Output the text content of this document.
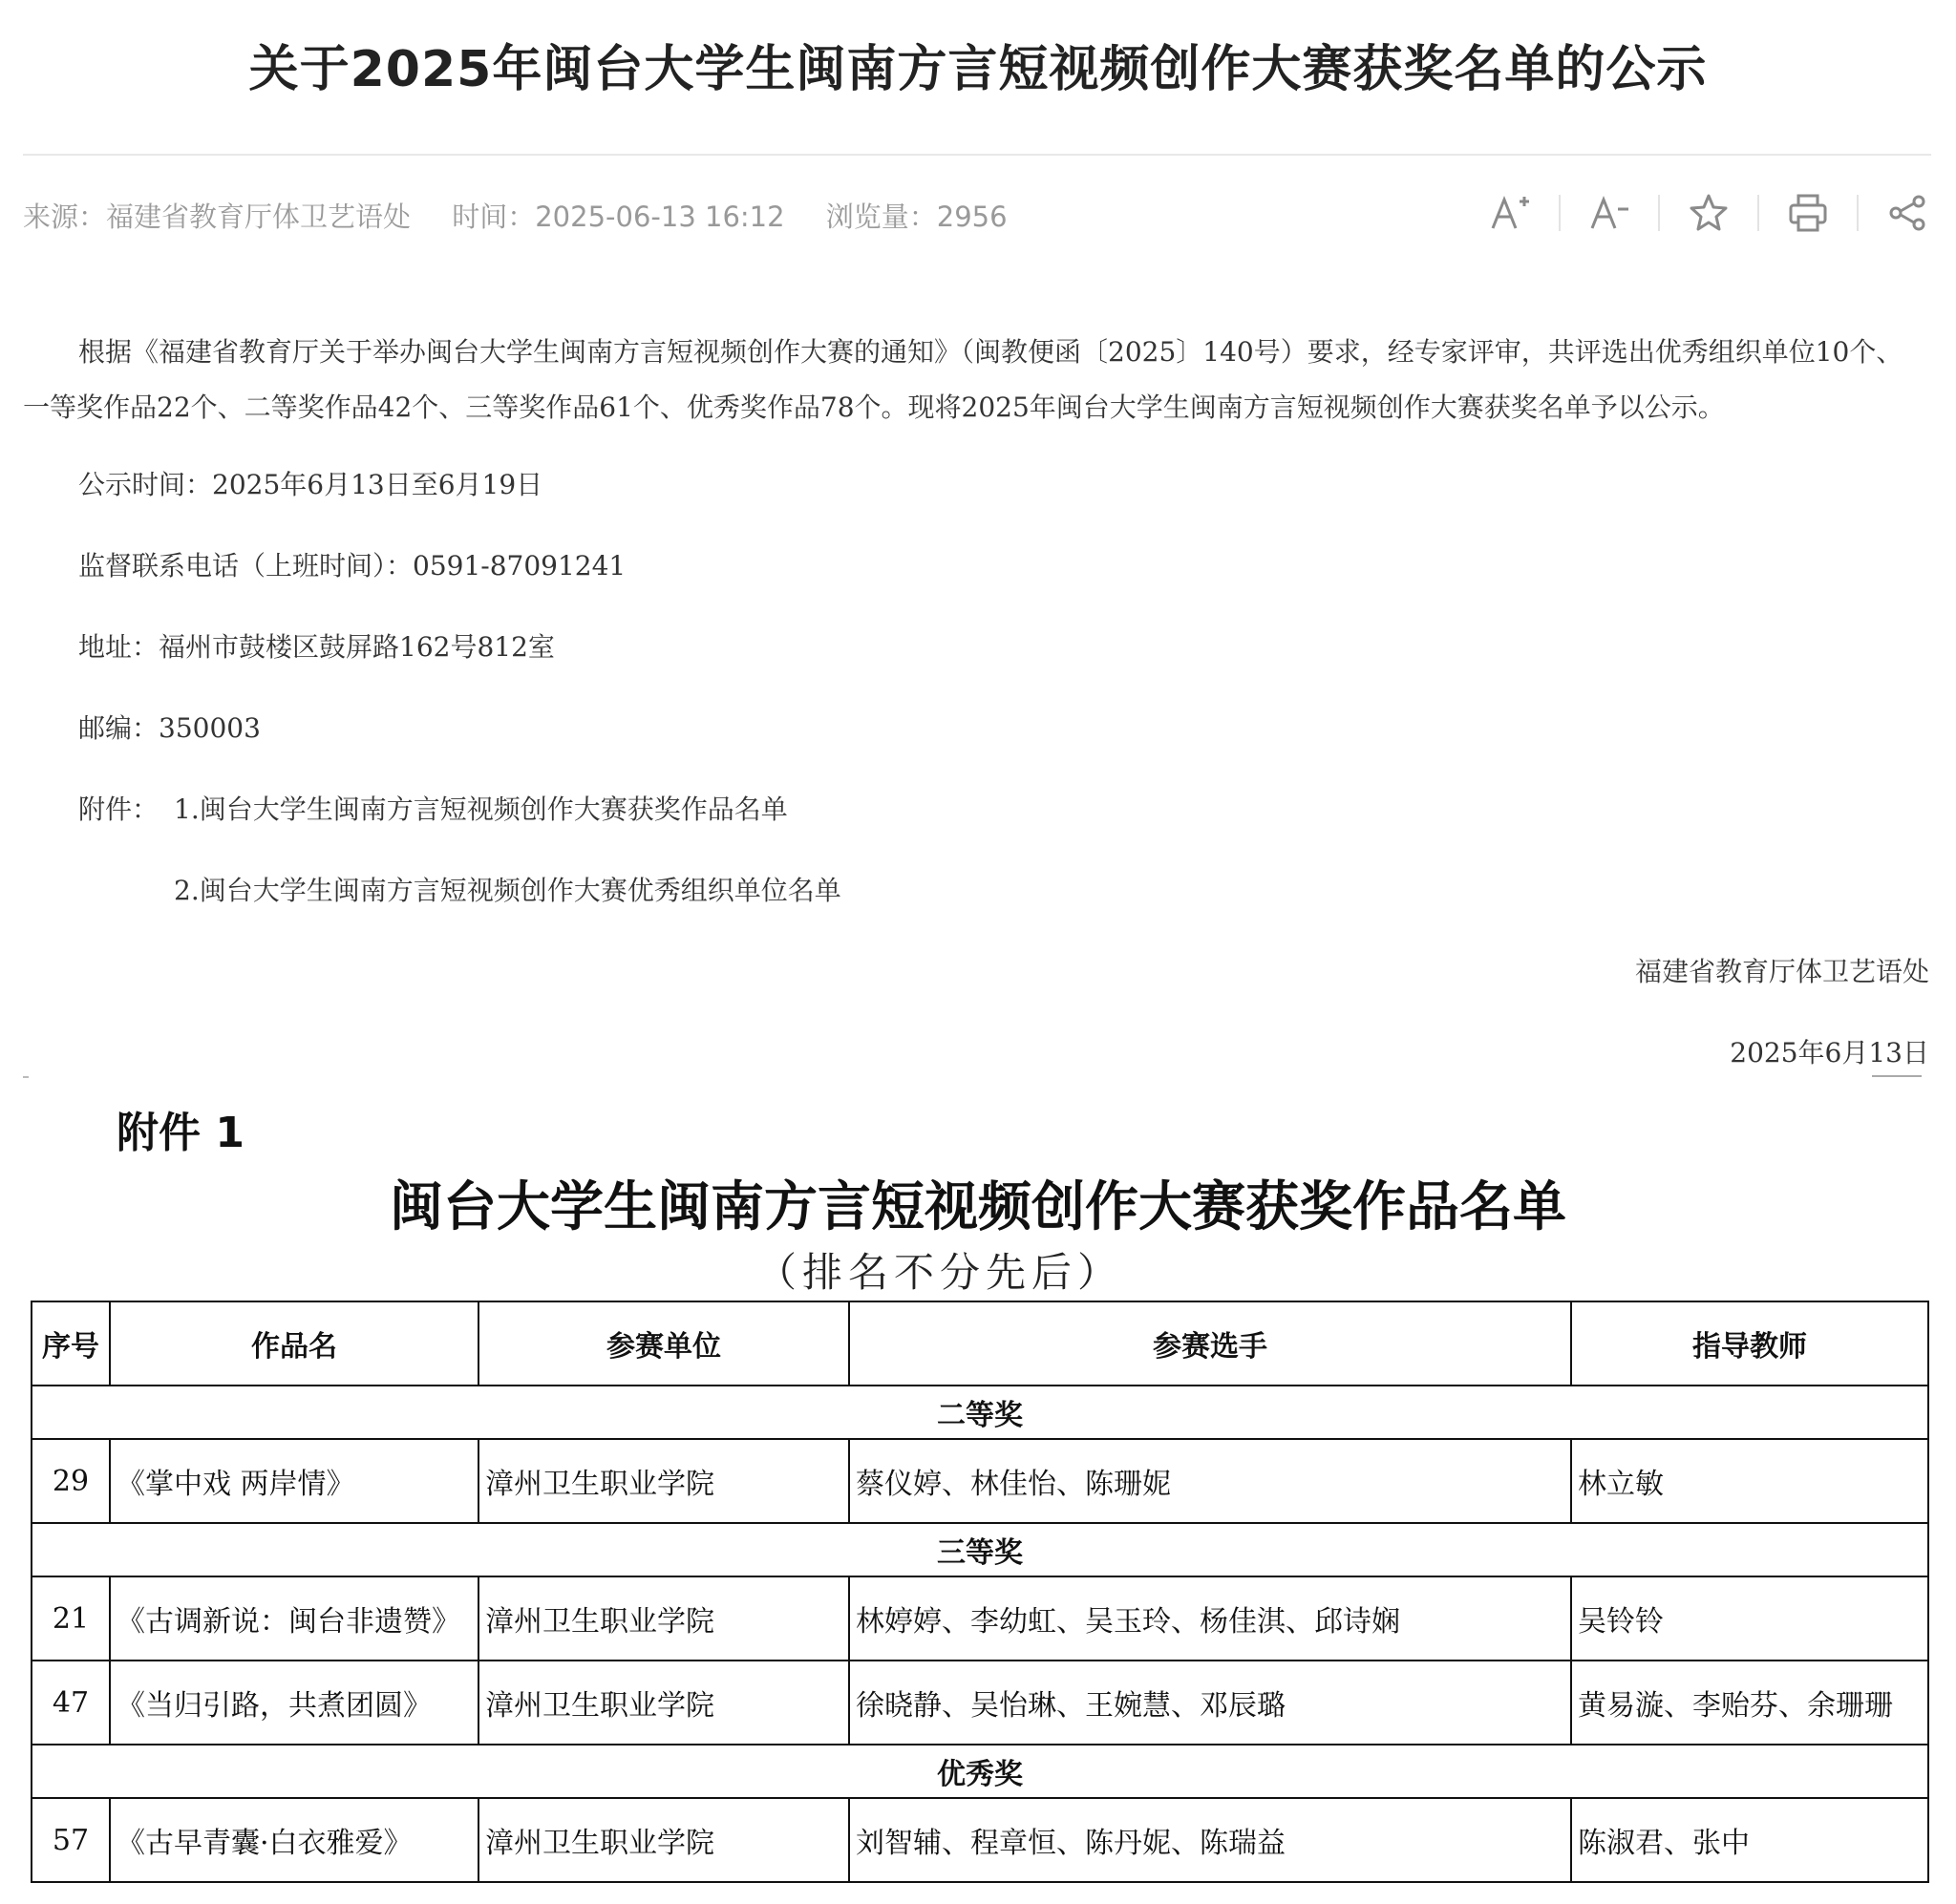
关于2025年闽台大学生闽南方言短视频创作大赛获奖名单的公示
来源：福建省教育厅体卫艺语处 时间：2025-06-13 16:12 浏览量：2956
根据《福建省教育厅关于举办闽台大学生闽南方言短视频创作大赛的通知》（闽教便函〔2025〕140号）要求，经专家评审，共评选出优秀组织单位10个、一等奖作品22个、二等奖作品42个、三等奖作品61个、优秀奖作品78个。现将2025年闽台大学生闽南方言短视频创作大赛获奖名单予以公示。
公示时间：2025年6月13日至6月19日
监督联系电话（上班时间）：0591-87091241
地址：福州市鼓楼区鼓屏路162号812室
邮编：350003
附件： 1.闽台大学生闽南方言短视频创作大赛获奖作品名单
2.闽台大学生闽南方言短视频创作大赛优秀组织单位名单
福建省教育厅体卫艺语处
2025年6月13日
附件 1
闽台大学生闽南方言短视频创作大赛获奖作品名单
（排名不分先后）
序号	作品名	参赛单位	参赛选手	指导教师
二等奖				
29	《掌中戏 两岸情》	漳州卫生职业学院	蔡仪婷、林佳怡、陈珊妮	林立敏
三等奖				
21	《古调新说：闽台非遗赞》	漳州卫生职业学院	林婷婷、李幼虹、吴玉玲、杨佳淇、邱诗娴	吴铃铃
47	《当归引路，共煮团圆》	漳州卫生职业学院	徐晓静、吴怡琳、王婉慧、邓辰璐	黄易漩、李贻芬、余珊珊
优秀奖				
57	《古早青囊·白衣雅爱》	漳州卫生职业学院	刘智辅、程章恒、陈丹妮、陈瑞益	陈淑君、张中
